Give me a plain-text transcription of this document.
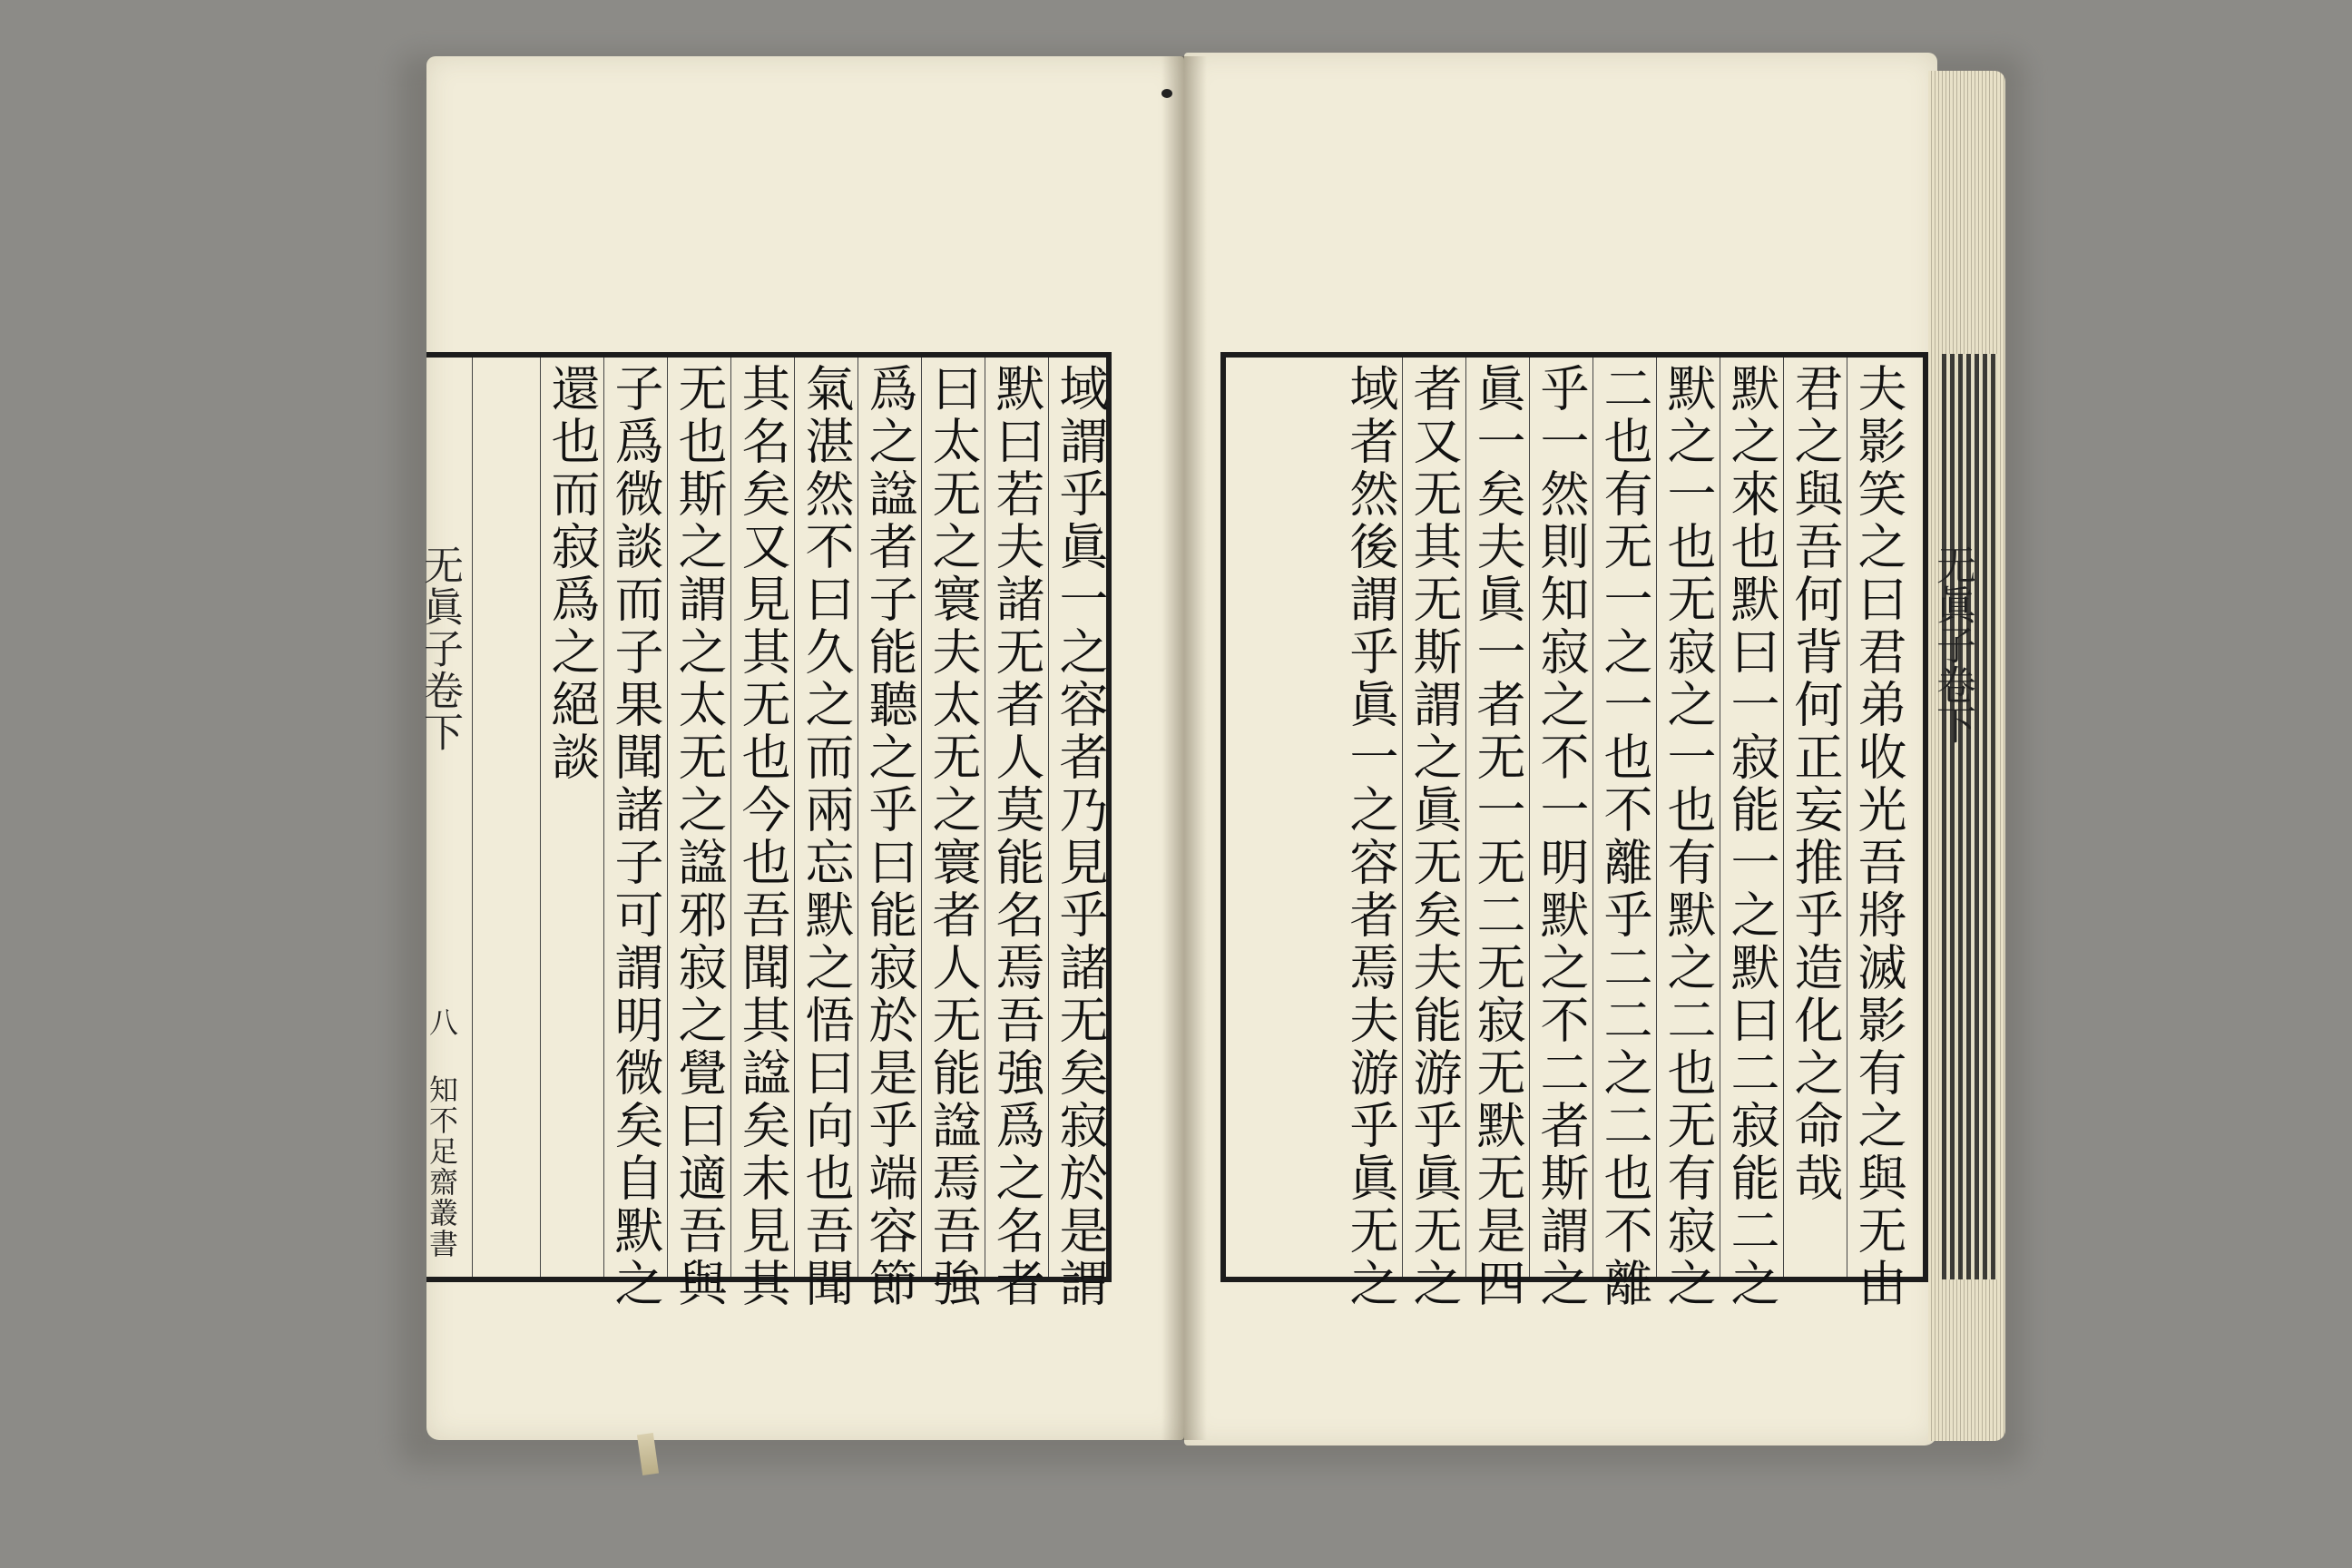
域謂乎眞一之容者乃見乎諸无矣寂於是謂
默曰若夫諸无者人莫能名焉吾強爲之名者
曰太无之寰夫太无之寰者人无能諡焉吾強
爲之諡者子能聽之乎曰能寂於是乎端容節
氣湛然不曰久之而兩忘默之悟曰向也吾聞
其名矣又見其无也今也吾聞其諡矣未見其
无也斯之謂之太无之諡邪寂之覺曰適吾與
子爲微談而子果聞諸子可謂明微矣自默之
還也而寂爲之絕談
无眞子卷下
八 知不足齋叢書	夫影笑之曰君弟收光吾將滅影有之與无由
君之與吾何背何正妄推乎造化之命哉
默之來也默曰一寂能一之默曰二寂能二之
默之一也无寂之一也有默之二也无有寂之
二也有无一之一也不離乎二二之二也不離
乎一然則知寂之不一明默之不二者斯謂之
眞一矣夫眞一者无一无二无寂无默无是四
者又无其无斯謂之眞无矣夫能游乎眞无之
域者然後謂乎眞一之容者焉夫游乎眞无之	无眞子卷下
